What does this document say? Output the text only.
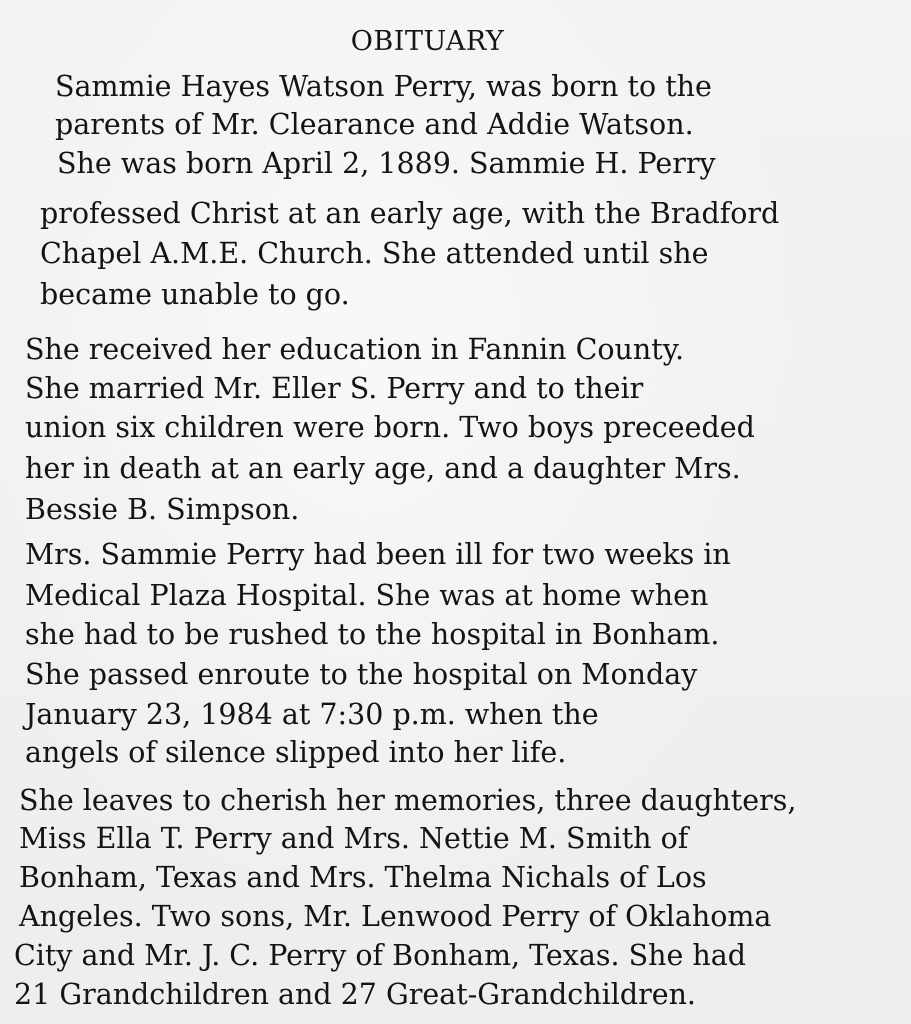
OBITUARY
Sammie Hayes Watson Perry, was born to the
parents of Mr. Clearance and Addie Watson.
She was born April 2, 1889. Sammie H. Perry
professed Christ at an early age, with the Bradford
Chapel A.M.E. Church. She attended until she
became unable to go.
She received her education in Fannin County.
She married Mr. Eller S. Perry and to their
union six children were born. Two boys preceeded
her in death at an early age, and a daughter Mrs.
Bessie B. Simpson.
Mrs. Sammie Perry had been ill for two weeks in
Medical Plaza Hospital. She was at home when
she had to be rushed to the hospital in Bonham.
She passed enroute to the hospital on Monday
January 23, 1984 at 7:30 p.m. when the
angels of silence slipped into her life.
She leaves to cherish her memories, three daughters,
Miss Ella T. Perry and Mrs. Nettie M. Smith of
Bonham, Texas and Mrs. Thelma Nichals of Los
Angeles. Two sons, Mr. Lenwood Perry of Oklahoma
City and Mr. J. C. Perry of Bonham, Texas. She had
21 Grandchildren and 27 Great-Grandchildren.
